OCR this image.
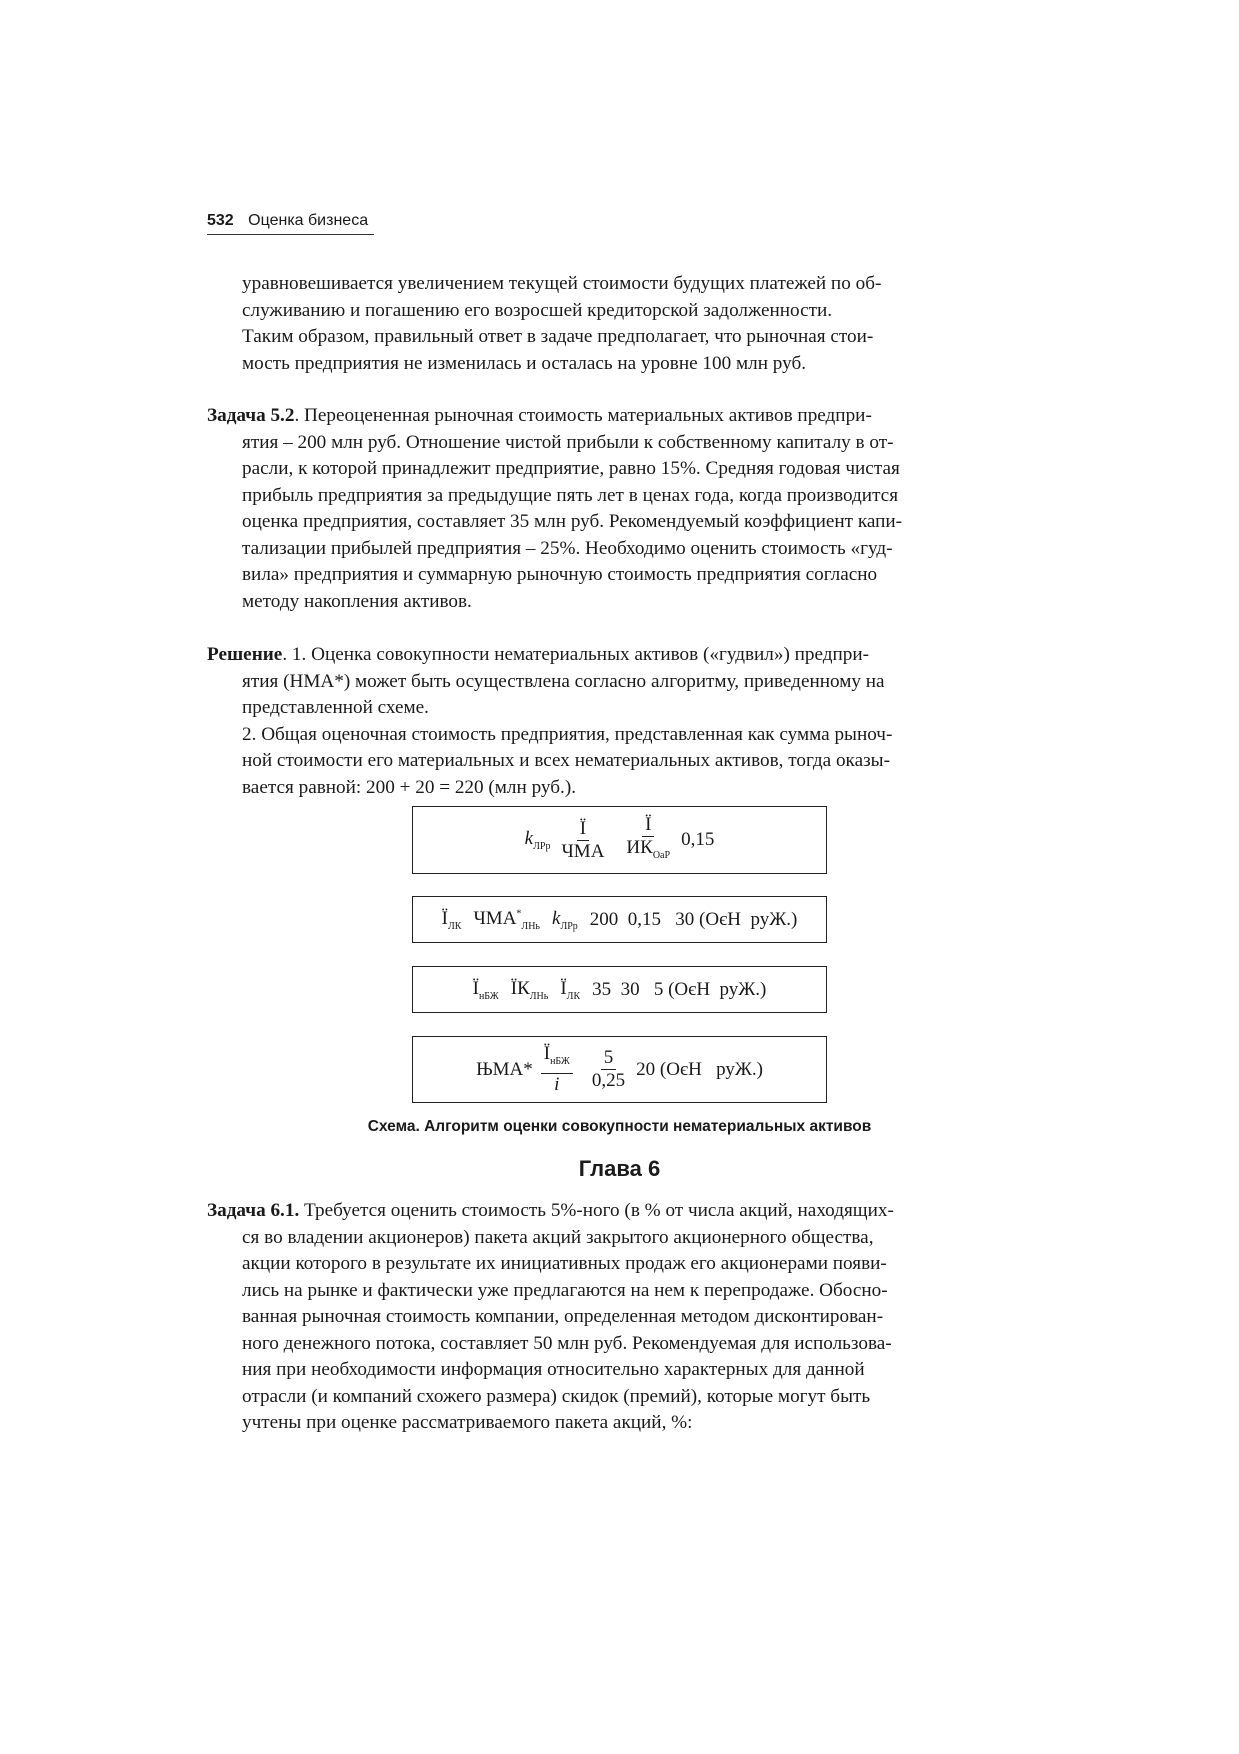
532 Оценка бизнеса
уравновешивается увеличением текущей стоимости будущих платежей по об-
служиванию и погашению его возросшей кредиторской задолженности.
Таким образом, правильный ответ в задаче предполагает, что рыночная стои-
мость предприятия не изменилась и осталась на уровне 100 млн руб.
Задача 5.2. Переоцененная рыночная стоимость материальных активов предпри-
ятия – 200 млн руб. Отношение чистой прибыли к собственному капиталу в от-
расли, к которой принадлежит предприятие, равно 15%. Средняя годовая чистая
прибыль предприятия за предыдущие пять лет в ценах года, когда производится
оценка предприятия, составляет 35 млн руб. Рекомендуемый коэффициент капи-
тализации прибылей предприятия – 25%. Необходимо оценить стоимость «гуд-
вила» предприятия и суммарную рыночную стоимость предприятия согласно
методу накопления активов.
Решение. 1. Оценка совокупности нематериальных активов («гудвил») предпри-
ятия (НМА*) может быть осуществлена согласно алгоритму, приведенному на
представленной схеме.
2. Общая оценочная стоимость предприятия, представленная как сумма рыноч-
ной стоимости его материальных и всех нематериальных активов, тогда оказы-
вается равной: 200 + 20 = 220 (млн руб.).
$k_{ЛРр} \frac{Ï}{\text{ЧМА}} \frac{Ï}{ИК_{ОаР}} 0,15$
$Ï_{ЛК}$ $ЧМА^*_{ЛНь}$ $k_{ЛРр}$ 200  0,15   30 (ОєН  руЖ.)
$Ï_{нБЖ}$ $ÏК_{ЛНь}$ $Ï_{ЛК}$ 35  30   5 (ОєН  руЖ.)
$ЊМА* \frac{Ï_{нБЖ}}{i} \frac{5}{0,25} 20$ (ОєН   руЖ.)
Схема. Алгоритм оценки совокупности нематериальных активов
Глава 6
Задача 6.1. Требуется оценить стоимость 5%-ного (в % от числа акций, находящих-
ся во владении акционеров) пакета акций закрытого акционерного общества,
акции которого в результате их инициативных продаж его акционерами появи-
лись на рынке и фактически уже предлагаются на нем к перепродаже. Обосно-
ванная рыночная стоимость компании, определенная методом дисконтирован-
ного денежного потока, составляет 50 млн руб. Рекомендуемая для использова-
ния при необходимости информация относительно характерных для данной
отрасли (и компаний схожего размера) скидок (премий), которые могут быть
учтены при оценке рассматриваемого пакета акций, %:
